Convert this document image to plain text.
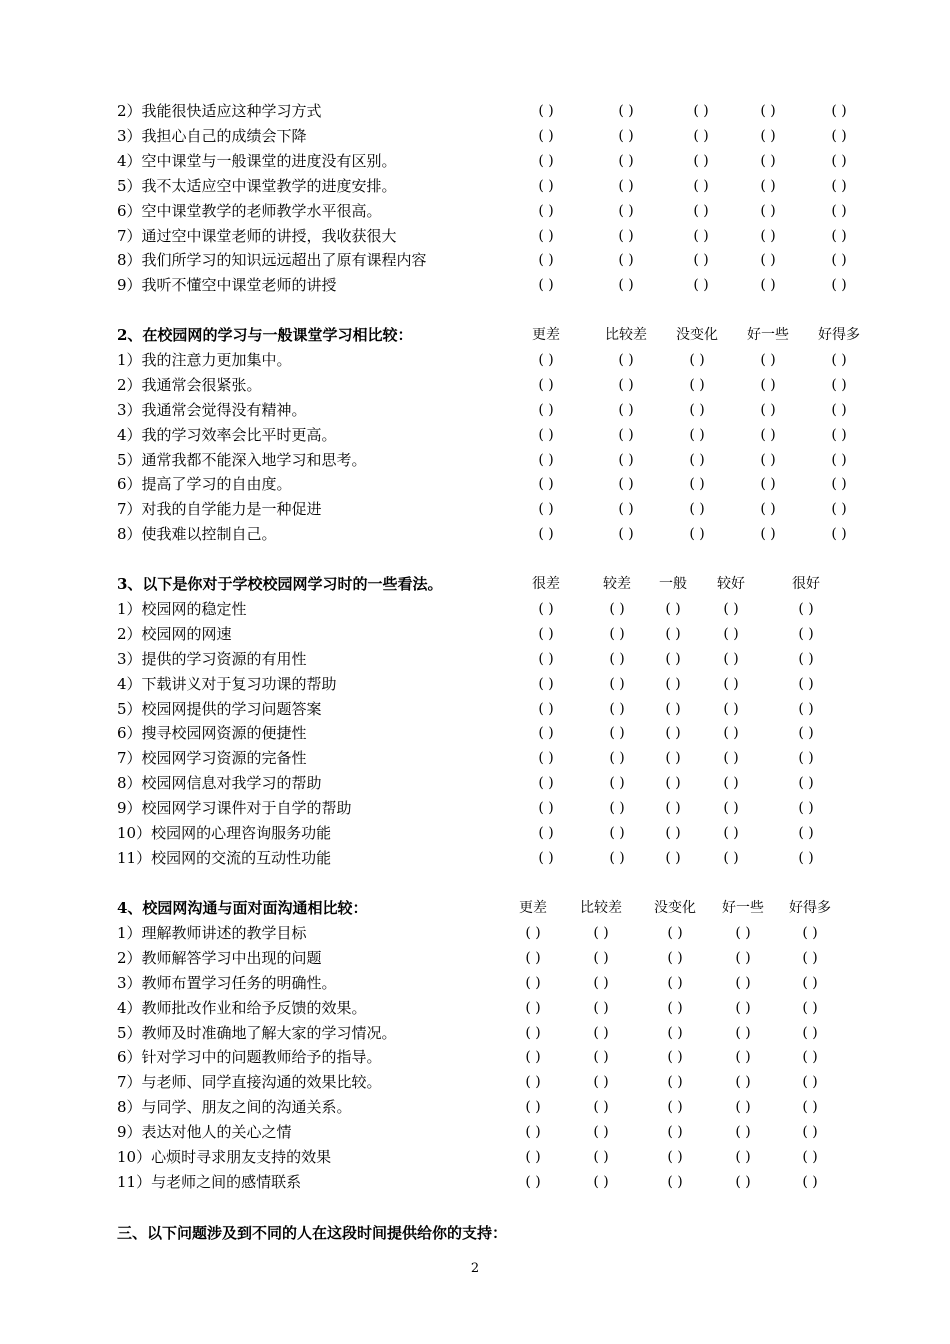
2）我能很快适应这种学习方式	( )	( )	( )	( )	( )
3）我担心自己的成绩会下降	( )	( )	( )	( )	( )
4）空中课堂与一般课堂的进度没有区别。	( )	( )	( )	( )	( )
5）我不太适应空中课堂教学的进度安排。	( )	( )	( )	( )	( )
6）空中课堂教学的老师教学水平很高。	( )	( )	( )	( )	( )
7）通过空中课堂老师的讲授，我收获很大	( )	( )	( )	( )	( )
8）我们所学习的知识远远超出了原有课程内容	( )	( )	( )	( )	( )
9）我听不懂空中课堂老师的讲授	( )	( )	( )	( )	( )
2、在校园网的学习与一般课堂学习相比较：	更差	比较差	没变化	好一些	好得多
1）我的注意力更加集中。	( )	( )	( )	( )	( )
2）我通常会很紧张。	( )	( )	( )	( )	( )
3）我通常会觉得没有精神。	( )	( )	( )	( )	( )
4）我的学习效率会比平时更高。	( )	( )	( )	( )	( )
5）通常我都不能深入地学习和思考。	( )	( )	( )	( )	( )
6）提高了学习的自由度。	( )	( )	( )	( )	( )
7）对我的自学能力是一种促进	( )	( )	( )	( )	( )
8）使我难以控制自己。	( )	( )	( )	( )	( )
3、以下是你对于学校校园网学习时的一些看法。	很差	较差	一般	较好	很好
1）校园网的稳定性	( )	( )	( )	( )	( )
2）校园网的网速	( )	( )	( )	( )	( )
3）提供的学习资源的有用性	( )	( )	( )	( )	( )
4）下载讲义对于复习功课的帮助	( )	( )	( )	( )	( )
5）校园网提供的学习问题答案	( )	( )	( )	( )	( )
6）搜寻校园网资源的便捷性	( )	( )	( )	( )	( )
7）校园网学习资源的完备性	( )	( )	( )	( )	( )
8）校园网信息对我学习的帮助	( )	( )	( )	( )	( )
9）校园网学习课件对于自学的帮助	( )	( )	( )	( )	( )
10）校园网的心理咨询服务功能	( )	( )	( )	( )	( )
11）校园网的交流的互动性功能	( )	( )	( )	( )	( )
4、校园网沟通与面对面沟通相比较：	更差	比较差	没变化	好一些	好得多
1）理解教师讲述的教学目标	( )	( )	( )	( )	( )
2）教师解答学习中出现的问题	( )	( )	( )	( )	( )
3）教师布置学习任务的明确性。	( )	( )	( )	( )	( )
4）教师批改作业和给予反馈的效果。	( )	( )	( )	( )	( )
5）教师及时准确地了解大家的学习情况。	( )	( )	( )	( )	( )
6）针对学习中的问题教师给予的指导。	( )	( )	( )	( )	( )
7）与老师、同学直接沟通的效果比较。	( )	( )	( )	( )	( )
8）与同学、朋友之间的沟通关系。	( )	( )	( )	( )	( )
9）表达对他人的关心之情	( )	( )	( )	( )	( )
10）心烦时寻求朋友支持的效果	( )	( )	( )	( )	( )
11）与老师之间的感情联系	( )	( )	( )	( )	( )
三、以下问题涉及到不同的人在这段时间提供给你的支持：
2
